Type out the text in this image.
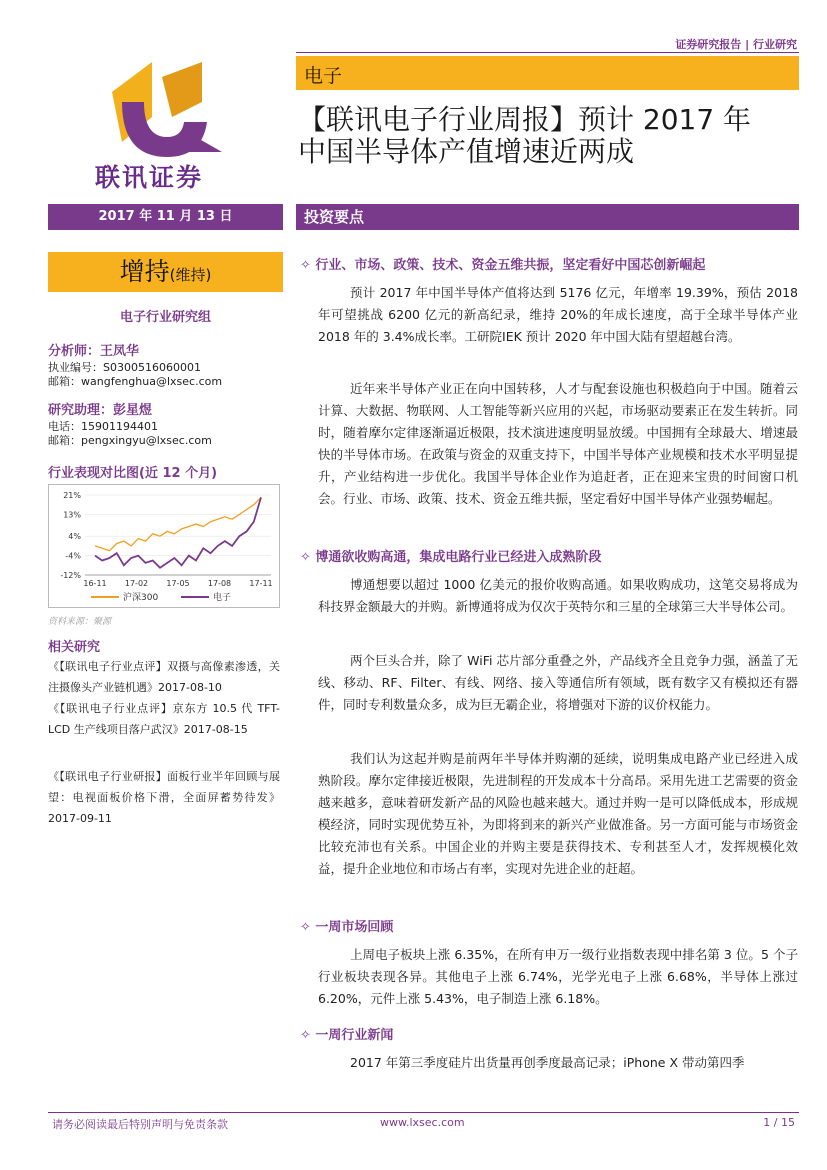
证券研究报告 | 行业研究
联讯证券
电子
【联讯电子行业周报】预计 2017 年
中国半导体产值增速近两成
2017 年 11 月 13 日	投资要点
增持(维持)
电子行业研究组
分析师：王凤华
执业编号：S0300516060001
邮箱：wangfenghua@lxsec.com
研究助理：彭星煜
电话：15901194401
邮箱：pengxingyu@lxsec.com
行业表现对比图(近 12 个月)
21%
13%
4%
-4%
-12%
16-11 17-02 17-05 17-08 17-11
沪深300	电子
资料来源：聚源
相关研究
《【联讯电子行业点评】双摄与高像素渗透，关注摄像头产业链机遇》2017-08-10
《【联讯电子行业点评】京东方 10.5 代 TFT-LCD 生产线项目落户武汉》2017-08-15
《【联讯电子行业研报】面板行业半年回顾与展望：电视面板价格下滑，全面屏蓄势待发》2017-09-11
✧ 行业、市场、政策、技术、资金五维共振，坚定看好中国芯创新崛起
预计 2017 年中国半导体产值将达到 5176 亿元，年增率 19.39%，预估 2018 年可望挑战 6200 亿元的新高纪录，维持 20%的年成长速度，高于全球半导体产业 2018 年的 3.4%成长率。工研院IEK 预计 2020 年中国大陆有望超越台湾。
近年来半导体产业正在向中国转移，人才与配套设施也积极趋向于中国。随着云计算、大数据、物联网、人工智能等新兴应用的兴起，市场驱动要素正在发生转折。同时，随着摩尔定律逐渐逼近极限，技术演进速度明显放缓。中国拥有全球最大、增速最快的半导体市场。在政策与资金的双重支持下，中国半导体产业规模和技术水平明显提升，产业结构进一步优化。我国半导体企业作为追赶者，正在迎来宝贵的时间窗口机会。行业、市场、政策、技术、资金五维共振，坚定看好中国半导体产业强势崛起。
✧ 博通欲收购高通，集成电路行业已经进入成熟阶段
博通想要以超过 1000 亿美元的报价收购高通。如果收购成功，这笔交易将成为科技界金额最大的并购。新博通将成为仅次于英特尔和三星的全球第三大半导体公司。
两个巨头合并，除了 WiFi 芯片部分重叠之外，产品线齐全且竞争力强，涵盖了无线、移动、RF、Filter、有线、网络、接入等通信所有领域，既有数字又有模拟还有器件，同时专利数量众多，成为巨无霸企业，将增强对下游的议价权能力。
我们认为这起并购是前两年半导体并购潮的延续，说明集成电路产业已经进入成熟阶段。摩尔定律接近极限，先进制程的开发成本十分高昂。采用先进工艺需要的资金越来越多，意味着研发新产品的风险也越来越大。通过并购一是可以降低成本，形成规模经济，同时实现优势互补，为即将到来的新兴产业做准备。另一方面可能与市场资金比较充沛也有关系。中国企业的并购主要是获得技术、专利甚至人才，发挥规模化效益，提升企业地位和市场占有率，实现对先进企业的赶超。
✧ 一周市场回顾
上周电子板块上涨 6.35%，在所有申万一级行业指数表现中排名第 3 位。5 个子行业板块表现各异。其他电子上涨 6.74%，光学光电子上涨 6.68%，半导体上涨过 6.20%，元件上涨 5.43%，电子制造上涨 6.18%。
✧ 一周行业新闻
2017 年第三季度硅片出货量再创季度最高记录；iPhone X 带动第四季
请务必阅读最后特别声明与免责条款	www.lxsec.com	1 / 15
